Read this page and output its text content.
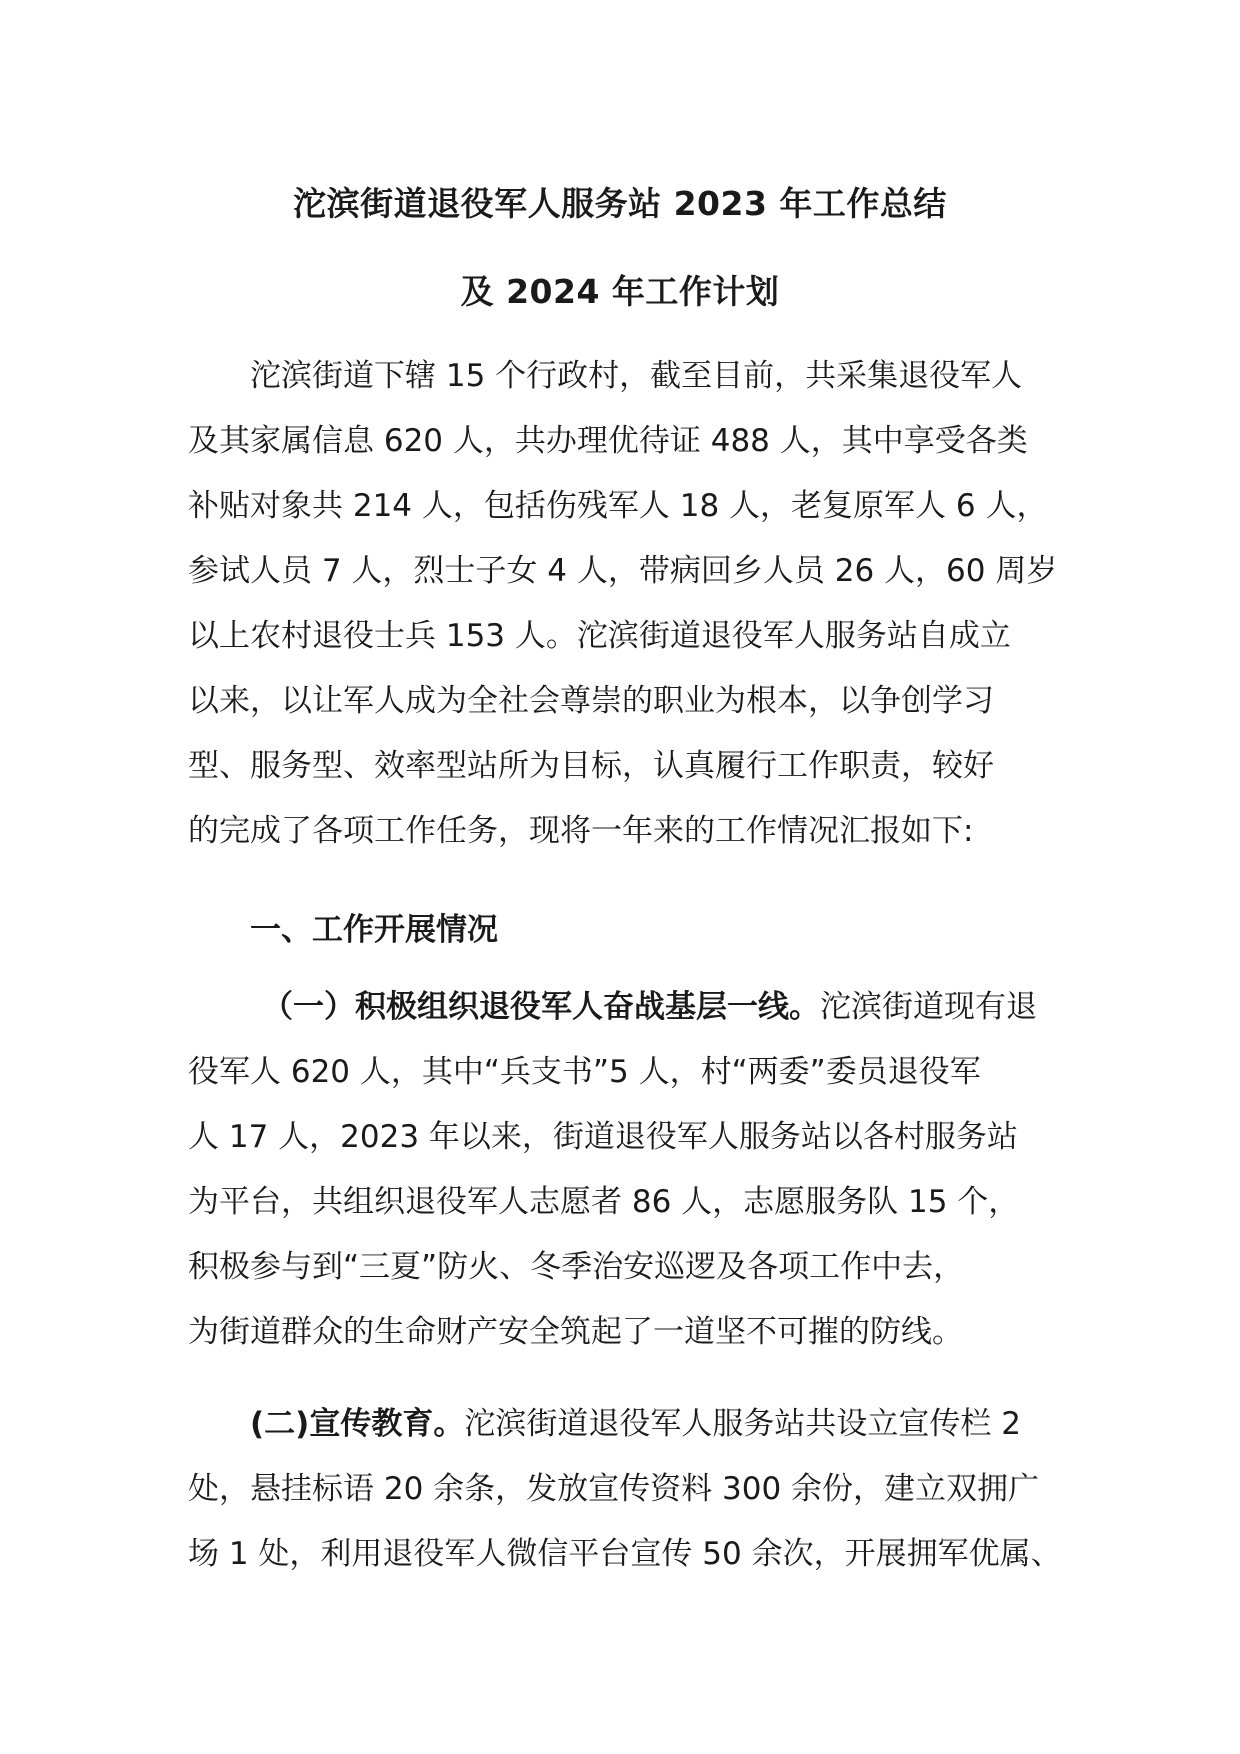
沱滨街道退役军人服务站 2023 年工作总结
及 2024 年工作计划
沱滨街道下辖 15 个行政村，截至目前，共采集退役军人
及其家属信息 620 人，共办理优待证 488 人，其中享受各类
补贴对象共 214 人，包括伤残军人 18 人，老复原军人 6 人，
参试人员 7 人，烈士子女 4 人，带病回乡人员 26 人，60 周岁
以上农村退役士兵 153 人。沱滨街道退役军人服务站自成立
以来，以让军人成为全社会尊崇的职业为根本，以争创学习
型、服务型、效率型站所为目标，认真履行工作职责，较好
的完成了各项工作任务，现将一年来的工作情况汇报如下:
一、工作开展情况
（一）积极组织退役军人奋战基层一线。沱滨街道现有退
役军人 620 人，其中“兵支书”5 人，村“两委”委员退役军
人 17 人，2023 年以来，街道退役军人服务站以各村服务站
为平台，共组织退役军人志愿者 86 人，志愿服务队 15 个，
积极参与到“三夏”防火、冬季治安巡逻及各项工作中去，
为街道群众的生命财产安全筑起了一道坚不可摧的防线。
(二)宣传教育。沱滨街道退役军人服务站共设立宣传栏 2
处，悬挂标语 20 余条，发放宣传资料 300 余份，建立双拥广
场 1 处，利用退役军人微信平台宣传 50 余次，开展拥军优属、
